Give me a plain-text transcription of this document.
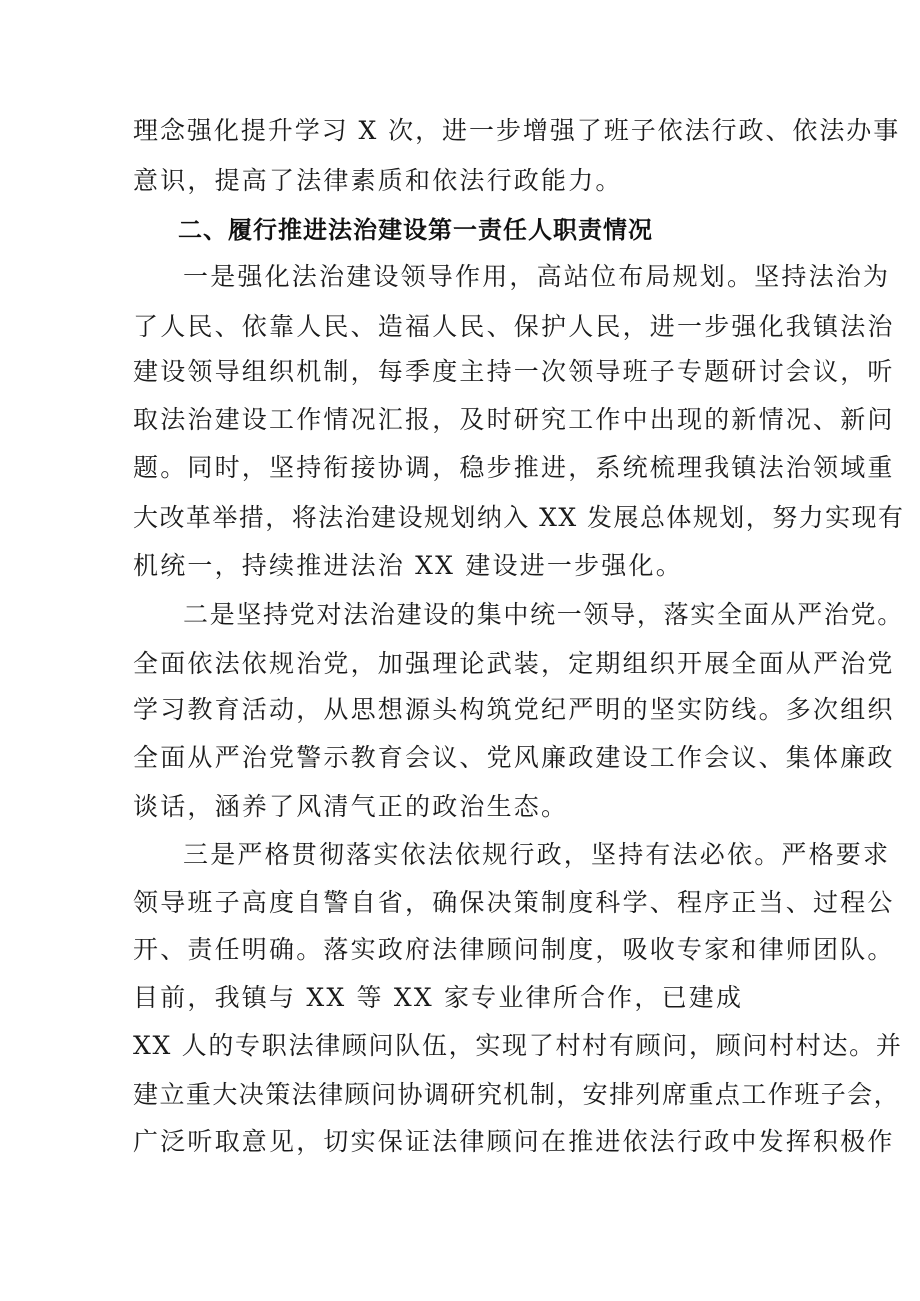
理念强化提升学习 X 次，进一步增强了班子依法行政、依法办事
意识，提高了法律素质和依法行政能力。
二、履行推进法治建设第一责任人职责情况
一是强化法治建设领导作用，高站位布局规划。坚持法治为
了人民、依靠人民、造福人民、保护人民，进一步强化我镇法治
建设领导组织机制，每季度主持一次领导班子专题研讨会议，听
取法治建设工作情况汇报，及时研究工作中出现的新情况、新问
题。同时，坚持衔接协调，稳步推进，系统梳理我镇法治领域重
大改革举措，将法治建设规划纳入 XX 发展总体规划，努力实现有
机统一，持续推进法治 XX 建设进一步强化。
二是坚持党对法治建设的集中统一领导，落实全面从严治党。
全面依法依规治党，加强理论武装，定期组织开展全面从严治党
学习教育活动，从思想源头构筑党纪严明的坚实防线。多次组织
全面从严治党警示教育会议、党风廉政建设工作会议、集体廉政
谈话，涵养了风清气正的政治生态。
三是严格贯彻落实依法依规行政，坚持有法必依。严格要求
领导班子高度自警自省，确保决策制度科学、程序正当、过程公
开、责任明确。落实政府法律顾问制度，吸收专家和律师团队。
目前，我镇与 XX 等 XX 家专业律所合作，已建成
XX 人的专职法律顾问队伍，实现了村村有顾问，顾问村村达。并
建立重大决策法律顾问协调研究机制，安排列席重点工作班子会，
广泛听取意见，切实保证法律顾问在推进依法行政中发挥积极作
